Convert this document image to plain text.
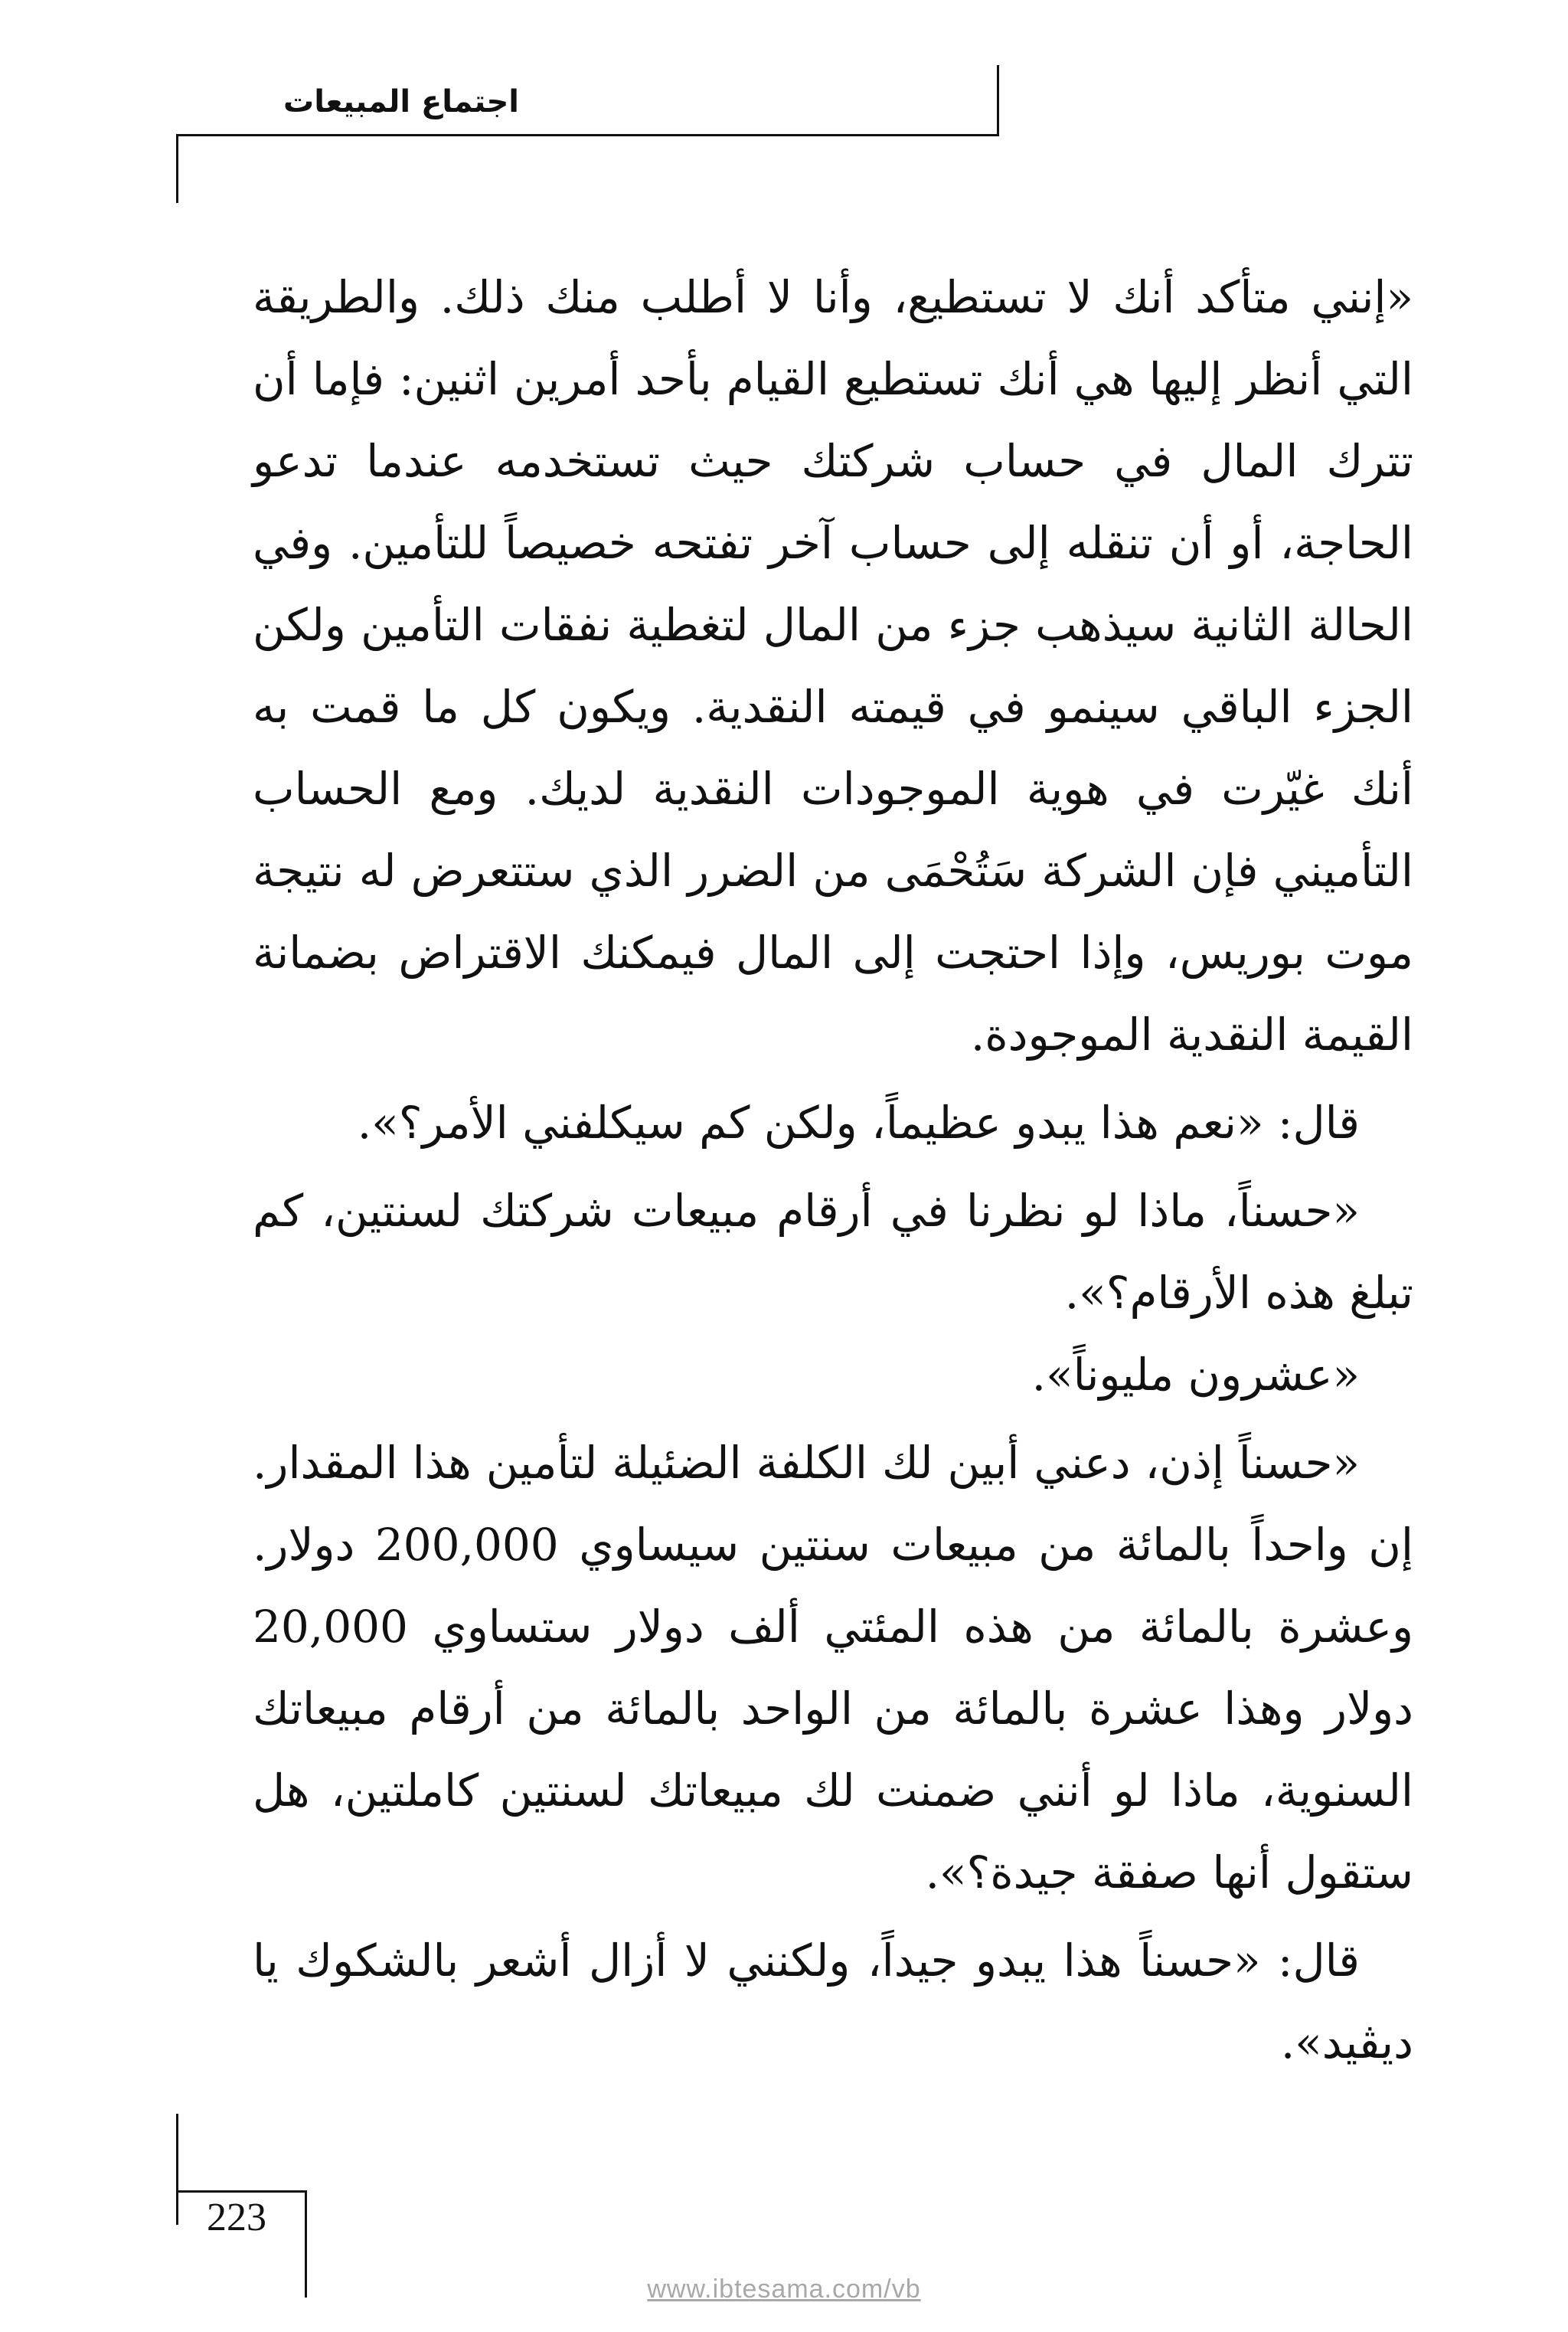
اجتماع المبيعات

«إنني متأكد أنك لا تستطيع، وأنا لا أطلب منك ذلك. والطريقة التي أنظر إليها هي أنك تستطيع القيام بأحد أمرين اثنين: فإما أن تترك المال في حساب شركتك حيث تستخدمه عندما تدعو الحاجة، أو أن تنقله إلى حساب آخر تفتحه خصيصاً للتأمين. وفي الحالة الثانية سيذهب جزء من المال لتغطية نفقات التأمين ولكن الجزء الباقي سينمو في قيمته النقدية. ويكون كل ما قمت به أنك غيّرت في هوية الموجودات النقدية لديك. ومع الحساب التأميني فإن الشركة سَتُحْمَى من الضرر الذي ستتعرض له نتيجة موت بوريس، وإذا احتجت إلى المال فيمكنك الاقتراض بضمانة القيمة النقدية الموجودة.

قال: «نعم هذا يبدو عظيماً، ولكن كم سيكلفني الأمر؟».

«حسناً، ماذا لو نظرنا في أرقام مبيعات شركتك لسنتين، كم تبلغ هذه الأرقام؟».

«عشرون مليوناً».

«حسناً إذن، دعني أبين لك الكلفة الضئيلة لتأمين هذا المقدار. إن واحداً بالمائة من مبيعات سنتين سيساوي 200,000 دولار. وعشرة بالمائة من هذه المئتي ألف دولار ستساوي 20,000 دولار وهذا عشرة بالمائة من الواحد بالمائة من أرقام مبيعاتك السنوية، ماذا لو أنني ضمنت لك مبيعاتك لسنتين كاملتين، هل ستقول أنها صفقة جيدة؟».

قال: «حسناً هذا يبدو جيداً، ولكنني لا أزال أشعر بالشكوك يا ديڤيد».

223
www.ibtesama.com/vb
